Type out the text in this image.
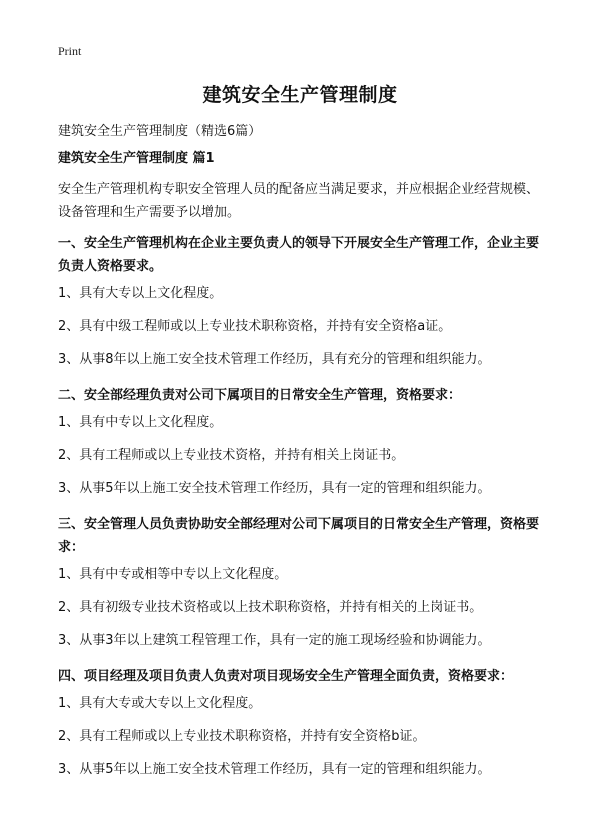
Print
建筑安全生产管理制度
建筑安全生产管理制度（精选6篇）

建筑安全生产管理制度 篇1

安全生产管理机构专职安全管理人员的配备应当满足要求，并应根据企业经营规模、设备管理和生产需要予以增加。

一、安全生产管理机构在企业主要负责人的领导下开展安全生产管理工作，企业主要负责人资格要求。

1、具有大专以上文化程度。

2、具有中级工程师或以上专业技术职称资格，并持有安全资格a证。

3、从事8年以上施工安全技术管理工作经历，具有充分的管理和组织能力。

二、安全部经理负责对公司下属项目的日常安全生产管理，资格要求：

1、具有中专以上文化程度。

2、具有工程师或以上专业技术资格，并持有相关上岗证书。

3、从事5年以上施工安全技术管理工作经历，具有一定的管理和组织能力。

三、安全管理人员负责协助安全部经理对公司下属项目的日常安全生产管理，资格要求：

1、具有中专或相等中专以上文化程度。

2、具有初级专业技术资格或以上技术职称资格，并持有相关的上岗证书。

3、从事3年以上建筑工程管理工作，具有一定的施工现场经验和协调能力。

四、项目经理及项目负责人负责对项目现场安全生产管理全面负责，资格要求：

1、具有大专或大专以上文化程度。

2、具有工程师或以上专业技术职称资格，并持有安全资格b证。

3、从事5年以上施工安全技术管理工作经历，具有一定的管理和组织能力。
